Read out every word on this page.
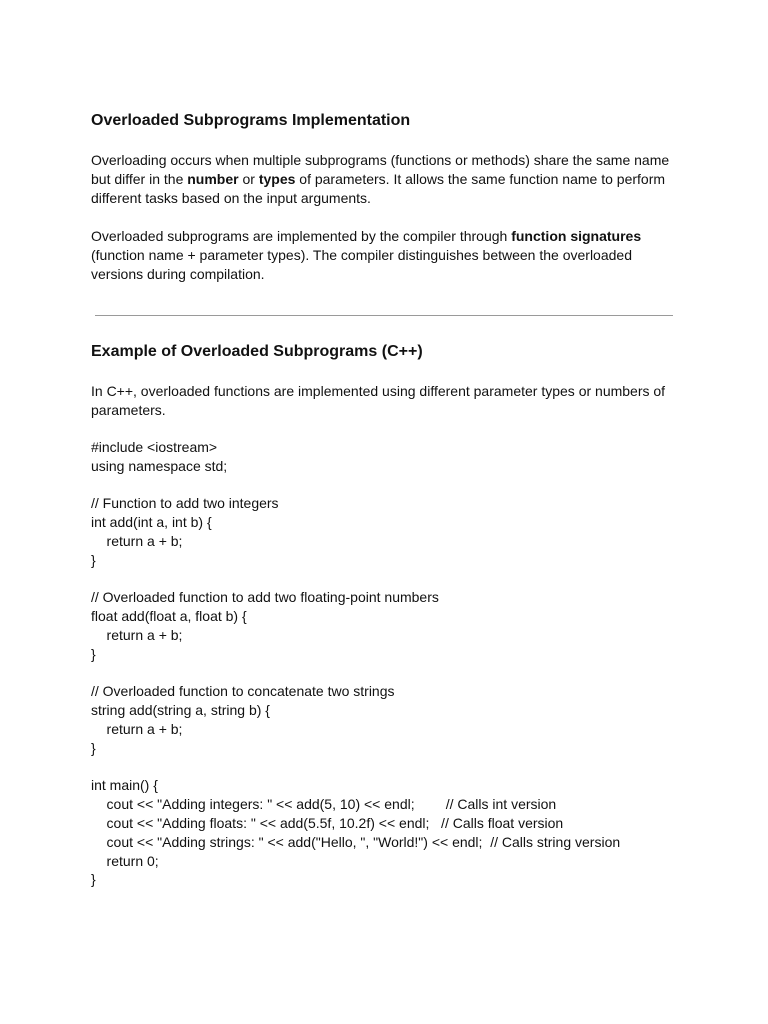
Overloaded Subprograms Implementation

Overloading occurs when multiple subprograms (functions or methods) share the same name but differ in the number or types of parameters. It allows the same function name to perform different tasks based on the input arguments.

Overloaded subprograms are implemented by the compiler through function signatures (function name + parameter types). The compiler distinguishes between the overloaded versions during compilation.

Example of Overloaded Subprograms (C++)

In C++, overloaded functions are implemented using different parameter types or numbers of parameters.

#include <iostream>
using namespace std;
// Function to add two integers
int add(int a, int b) {
return a + b;
}
// Overloaded function to add two floating-point numbers
float add(float a, float b) {
return a + b;
}
// Overloaded function to concatenate two strings
string add(string a, string b) {
return a + b;
}
int main() {
cout << "Adding integers: " << add(5, 10) << endl;        // Calls int version
cout << "Adding floats: " << add(5.5f, 10.2f) << endl;   // Calls float version
cout << "Adding strings: " << add("Hello, ", "World!") << endl;  // Calls string version
return 0;
}
